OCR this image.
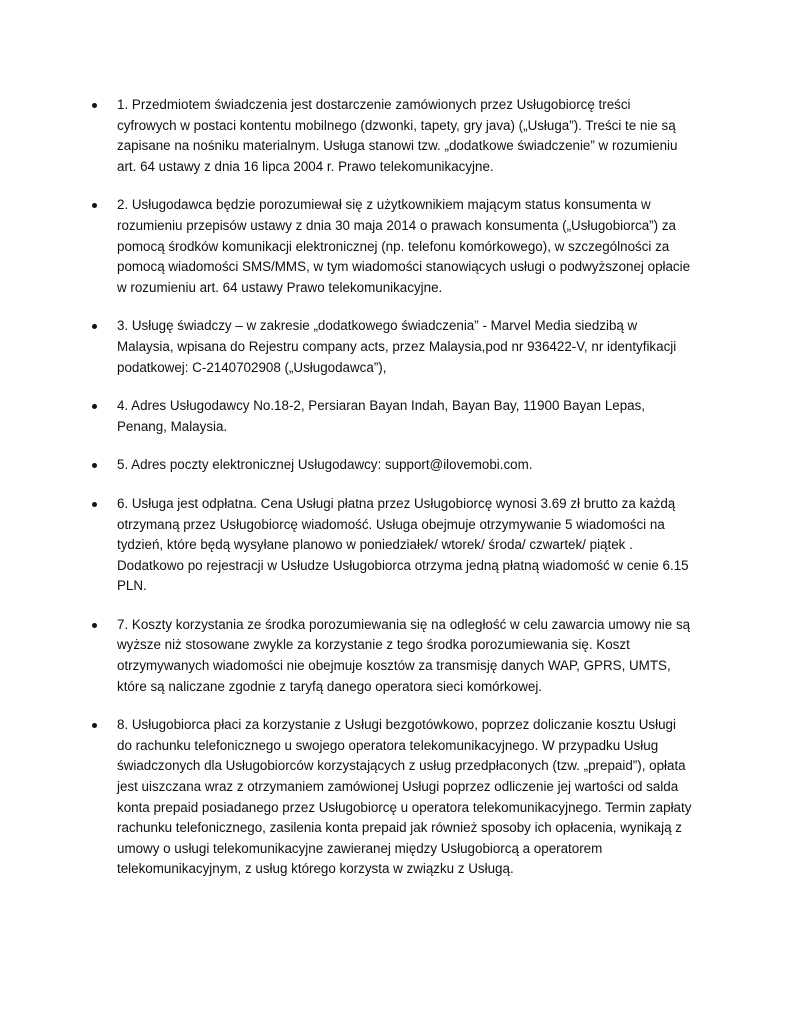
1. Przedmiotem świadczenia jest dostarczenie zamówionych przez Usługobiorcę treści cyfrowych w postaci kontentu mobilnego (dzwonki, tapety, gry java) („Usługa”). Treści te nie są zapisane na nośniku materialnym. Usługa stanowi tzw. „dodatkowe świadczenie” w rozumieniu art. 64 ustawy z dnia 16 lipca 2004 r. Prawo telekomunikacyjne.
2. Usługodawca będzie porozumiewał się z użytkownikiem mającym status konsumenta w rozumieniu przepisów ustawy z dnia 30 maja 2014 o prawach konsumenta („Usługobiorca”) za pomocą środków komunikacji elektronicznej (np. telefonu komórkowego), w szczególności za pomocą wiadomości SMS/MMS, w tym wiadomości stanowiących usługi o podwyższonej opłacie w rozumieniu art. 64 ustawy Prawo telekomunikacyjne.
3. Usługę świadczy – w zakresie „dodatkowego świadczenia” - Marvel Media siedzibą w Malaysia, wpisana do Rejestru company acts, przez Malaysia,pod nr 936422-V, nr identyfikacji podatkowej: C-2140702908 („Usługodawca”),
4. Adres Usługodawcy No.18-2, Persiaran Bayan Indah, Bayan Bay, 11900 Bayan Lepas, Penang, Malaysia.
5. Adres poczty elektronicznej Usługodawcy: support@ilovemobi.com.
6. Usługa jest odpłatna. Cena Usługi płatna przez Usługobiorcę wynosi 3.69 zł brutto za każdą otrzymaną przez Usługobiorcę wiadomość. Usługa obejmuje otrzymywanie 5 wiadomości na tydzień, które będą wysyłane planowo w poniedziałek/ wtorek/ środa/ czwartek/ piątek . Dodatkowo po rejestracji w Usłudze Usługobiorca otrzyma jedną płatną wiadomość w cenie 6.15 PLN.
7. Koszty korzystania ze środka porozumiewania się na odległość w celu zawarcia umowy nie są wyższe niż stosowane zwykle za korzystanie z tego środka porozumiewania się. Koszt otrzymywanych wiadomości nie obejmuje kosztów za transmisję danych WAP, GPRS, UMTS, które są naliczane zgodnie z taryfą danego operatora sieci komórkowej.
8. Usługobiorca płaci za korzystanie z Usługi bezgotówkowo, poprzez doliczanie kosztu Usługi do rachunku telefonicznego u swojego operatora telekomunikacyjnego. W przypadku Usług świadczonych dla Usługobiorców korzystających z usług przedpłaconych (tzw. „prepaid”), opłata jest uiszczana wraz z otrzymaniem zamówionej Usługi poprzez odliczenie jej wartości od salda konta prepaid posiadanego przez Usługobiorcę u operatora telekomunikacyjnego. Termin zapłaty rachunku telefonicznego, zasilenia konta prepaid jak również sposoby ich opłacenia, wynikają z umowy o usługi telekomunikacyjne zawieranej między Usługobiorcą a operatorem telekomunikacyjnym, z usług którego korzysta w związku z Usługą.
